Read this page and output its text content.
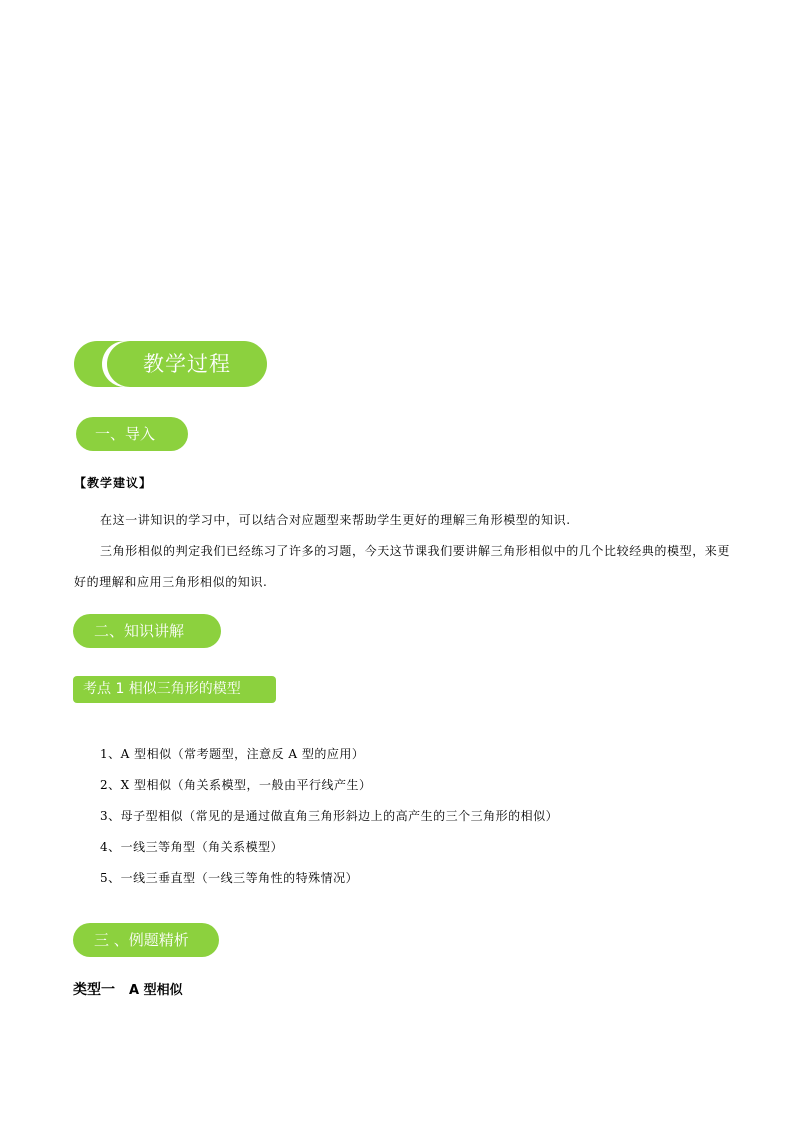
教学过程
一、导入
【教学建议】
在这一讲知识的学习中，可以结合对应题型来帮助学生更好的理解三角形模型的知识.
三角形相似的判定我们已经练习了许多的习题，今天这节课我们要讲解三角形相似中的几个比较经典的模型，来更好的理解和应用三角形相似的知识.
二、知识讲解
考点 1 相似三角形的模型
1、A 型相似（常考题型，注意反 A 型的应用）
2、X 型相似（角关系模型，一般由平行线产生）
3、母子型相似（常见的是通过做直角三角形斜边上的高产生的三个三角形的相似）
4、一线三等角型（角关系模型）
5、一线三垂直型（一线三等角性的特殊情况）
三 、例题精析
类型一 A 型相似
